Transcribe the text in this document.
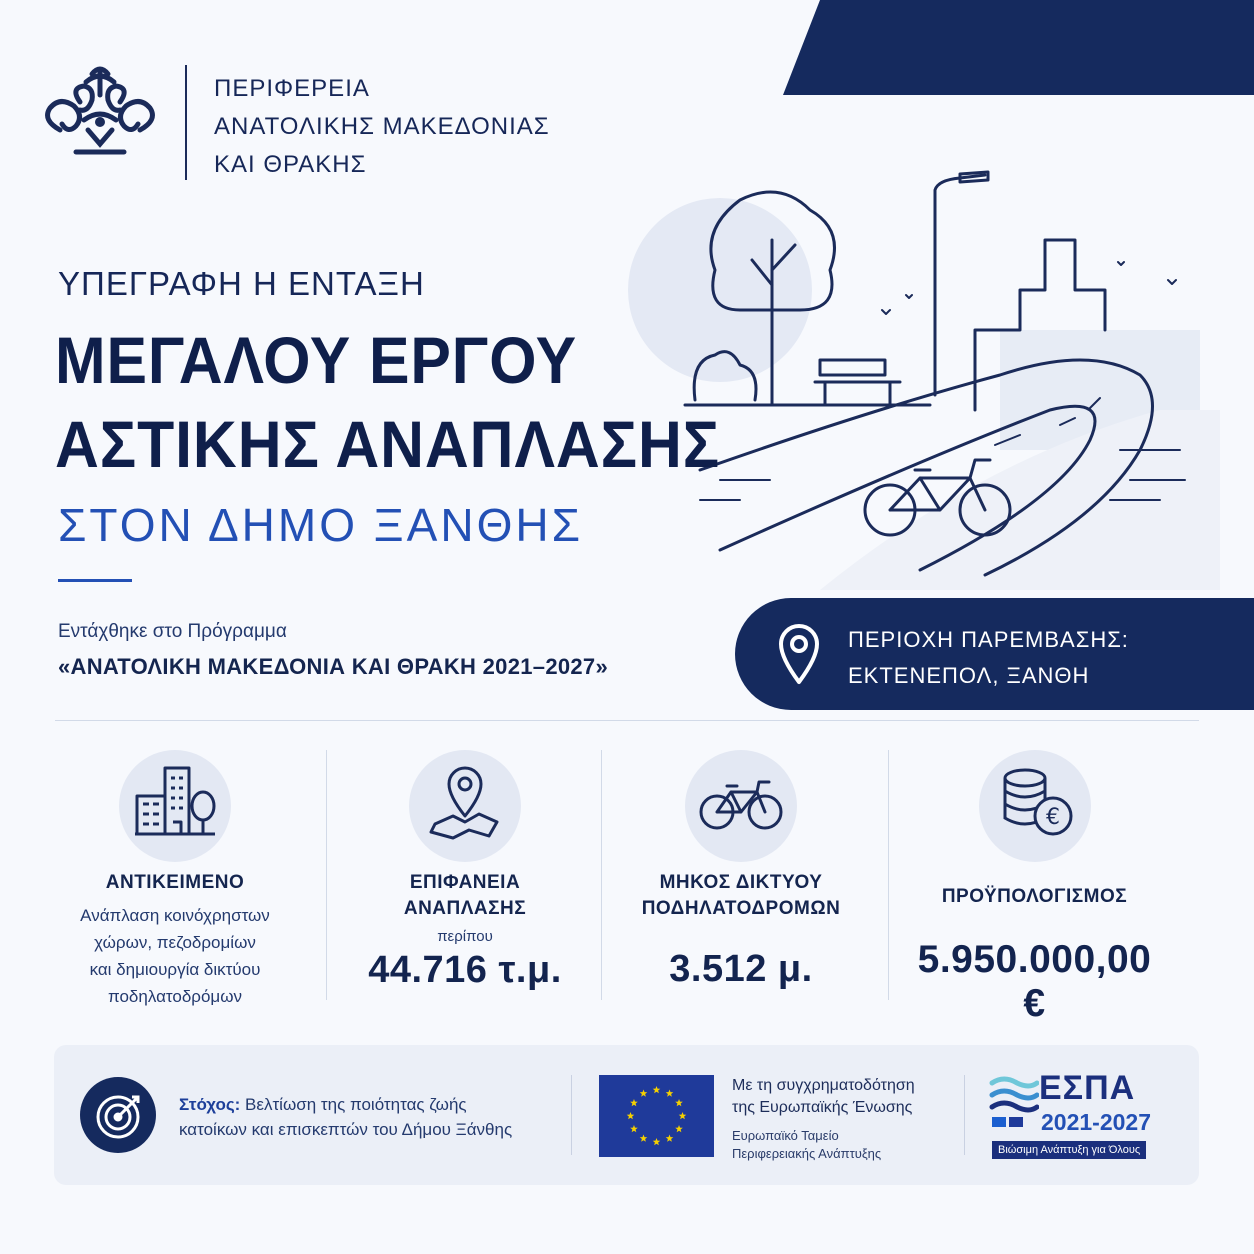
ΠΕΡΙΦΕΡΕΙΑ
ΑΝΑΤΟΛΙΚΗΣ ΜΑΚΕΔΟΝΙΑΣ
ΚΑΙ ΘΡΑΚΗΣ
ΥΠΕΓΡΑΦΗ Η ΕΝΤΑΞΗ
ΜΕΓΑΛΟΥ ΕΡΓΟΥ
ΑΣΤΙΚΗΣ ΑΝΑΠΛΑΣΗΣ
ΣΤΟΝ ΔΗΜΟ ΞΑΝΘΗΣ
Εντάχθηκε στο Πρόγραμμα
«ΑΝΑΤΟΛΙΚΗ ΜΑΚΕΔΟΝΙΑ ΚΑΙ ΘΡΑΚΗ 2021–2027»
ΠΕΡΙΟΧΗ ΠΑΡΕΜΒΑΣΗΣ:
ΕΚΤΕΝΕΠΟΛ, ΞΑΝΘΗ
ΑΝΤΙΚΕΙΜΕΝΟ
Ανάπλαση κοινόχρηστων
χώρων, πεζοδρομίων
και δημιουργία δικτύου
ποδηλατοδρόμων
ΕΠΙΦΑΝΕΙΑ
ΑΝΑΠΛΑΣΗΣ
περίπου
44.716 τ.μ.
ΜΗΚΟΣ ΔΙΚΤΥΟΥ
ΠΟΔΗΛΑΤΟΔΡΟΜΩΝ
3.512 μ.
€
ΠΡΟΫΠΟΛΟΓΙΣΜΟΣ
5.950.000,00 €
Στόχος: Βελτίωση της ποιότητας ζωής
κατοίκων και επισκεπτών του Δήμου Ξάνθης
Με τη συγχρηματοδότηση
της Ευρωπαϊκής Ένωσης
Ευρωπαϊκό Ταμείο
Περιφερειακής Ανάπτυξης
ΕΣΠΑ
2021-2027
Βιώσιμη Ανάπτυξη για Όλους
